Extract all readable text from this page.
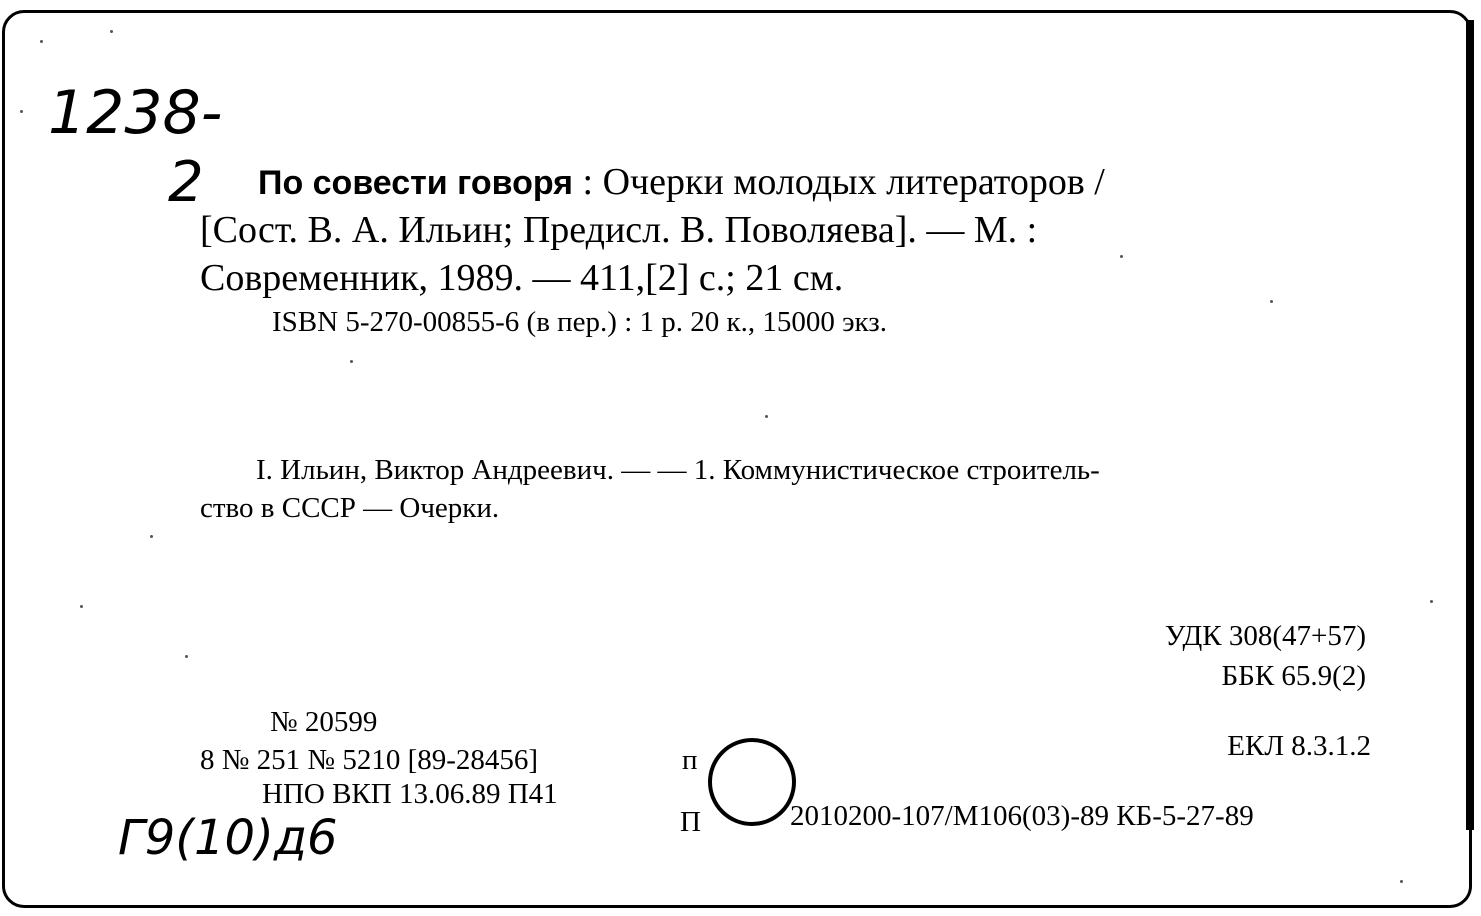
1238-
2
Г9(10)д6
По совести говоря : Очерки молодых литераторов /
[Сост. В. А. Ильин; Предисл. В. Поволяева]. — М. :
Современник, 1989. — 411,[2] с.; 21 см.
ISBN 5-270-00855-6 (в пер.) : 1 р. 20 к., 15000 экз.
I. Ильин, Виктор Андреевич. — — 1. Коммунистическое строитель-
ство в СССР — Очерки.
УДК 308(47+57)
ББК 65.9(2)
ЕКЛ 8.3.1.2
№ 20599
8 № 251 № 5210 [89-28456]	п
НПО ВКП 13.06.89 П41
П	2010200-107/М106(03)-89 КБ-5-27-89
